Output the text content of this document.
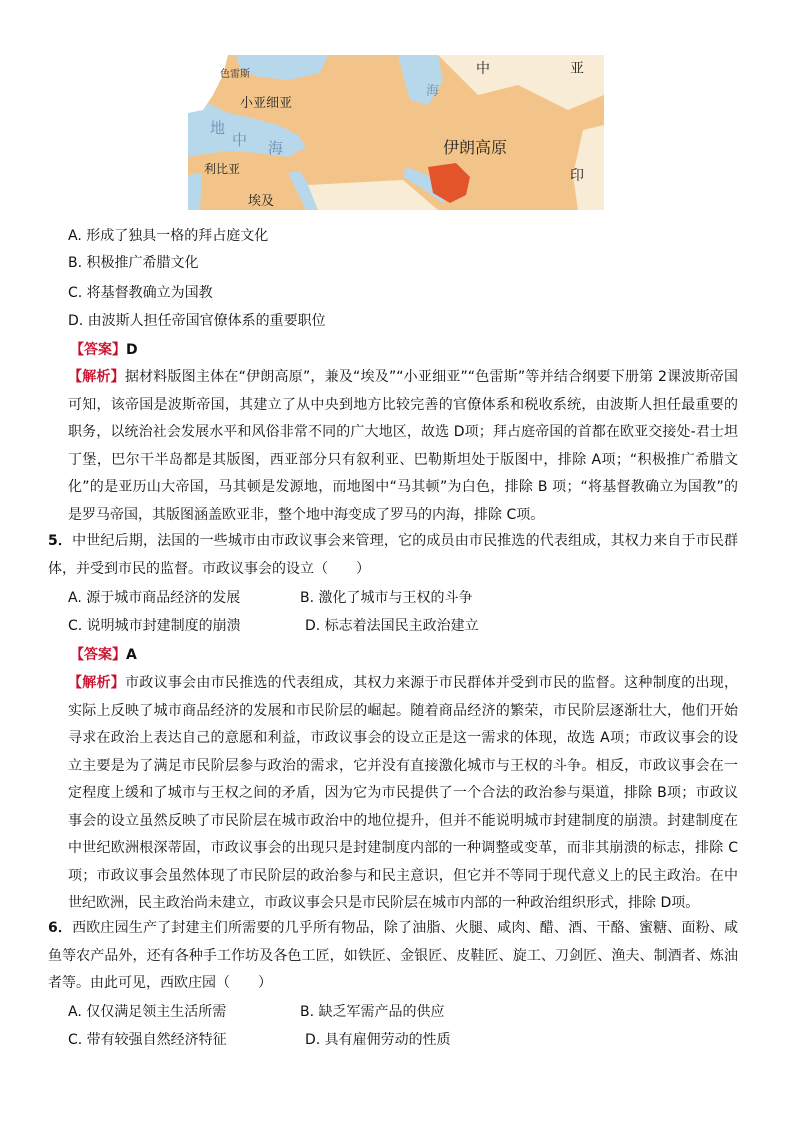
色雷斯
小亚细亚
伊朗高原
利比亚
埃及
中	亚
印
地
中 海
海
A. 形成了独具一格的拜占庭文化
B. 积极推广希腊文化
C. 将基督教确立为国教
D. 由波斯人担任帝国官僚体系的重要职位
【答案】D
【解析】据材料版图主体在“伊朗高原”，兼及“埃及”“小亚细亚”“色雷斯”等并结合纲要下册第 2课波斯帝国可知，该帝国是波斯帝国，其建立了从中央到地方比较完善的官僚体系和税收系统，由波斯人担任最重要的职务，以统治社会发展水平和风俗非常不同的广大地区，故选 D项；拜占庭帝国的首都在欧亚交接处-君士坦丁堡，巴尔干半岛都是其版图，西亚部分只有叙利亚、巴勒斯坦处于版图中，排除 A项；“积极推广希腊文化”的是亚历山大帝国，马其顿是发源地，而地图中“马其顿”为白色，排除 B 项；“将基督教确立为国教”的是罗马帝国，其版图涵盖欧亚非，整个地中海变成了罗马的内海，排除 C项。
5．中世纪后期，法国的一些城市由市政议事会来管理，它的成员由市民推选的代表组成，其权力来自于市民群体，并受到市民的监督。市政议事会的设立（　　）
A. 源于城市商品经济的发展	B. 激化了城市与王权的斗争
C. 说明城市封建制度的崩溃	D. 标志着法国民主政治建立
【答案】A
【解析】市政议事会由市民推选的代表组成，其权力来源于市民群体并受到市民的监督。这种制度的出现，实际上反映了城市商品经济的发展和市民阶层的崛起。随着商品经济的繁荣，市民阶层逐渐壮大，他们开始寻求在政治上表达自己的意愿和利益，市政议事会的设立正是这一需求的体现，故选 A项；市政议事会的设立主要是为了满足市民阶层参与政治的需求，它并没有直接激化城市与王权的斗争。相反，市政议事会在一定程度上缓和了城市与王权之间的矛盾，因为它为市民提供了一个合法的政治参与渠道，排除 B项；市政议事会的设立虽然反映了市民阶层在城市政治中的地位提升，但并不能说明城市封建制度的崩溃。封建制度在中世纪欧洲根深蒂固，市政议事会的出现只是封建制度内部的一种调整或变革，而非其崩溃的标志，排除 C项；市政议事会虽然体现了市民阶层的政治参与和民主意识，但它并不等同于现代意义上的民主政治。在中世纪欧洲，民主政治尚未建立，市政议事会只是市民阶层在城市内部的一种政治组织形式，排除 D项。
6．西欧庄园生产了封建主们所需要的几乎所有物品，除了油脂、火腿、咸肉、醋、酒、干酪、蜜糖、面粉、咸鱼等农产品外，还有各种手工作坊及各色工匠，如铁匠、金银匠、皮鞋匠、旋工、刀剑匠、渔夫、制酒者、炼油者等。由此可见，西欧庄园（　　）
A. 仅仅满足领主生活所需	B. 缺乏军需产品的供应
C. 带有较强自然经济特征	D. 具有雇佣劳动的性质
